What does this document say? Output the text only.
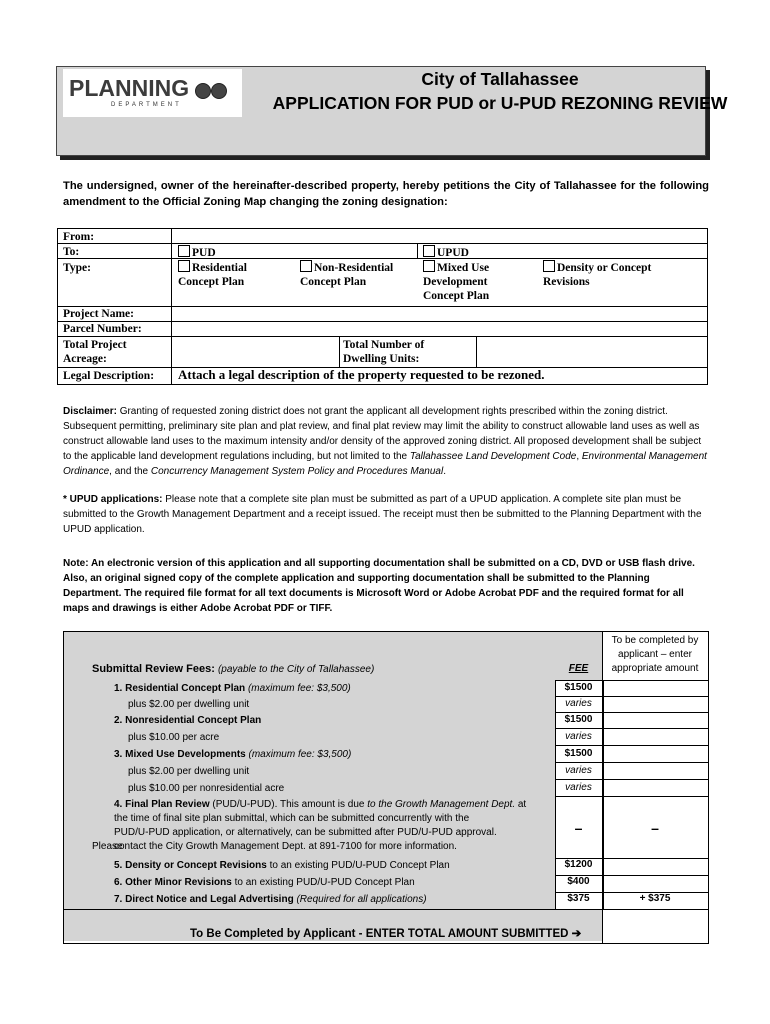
PLANNING
DEPARTMENT
City of Tallahassee
APPLICATION FOR PUD or U-PUD REZONING REVIEW
The undersigned, owner of the hereinafter-described property, hereby petitions the City of Tallahassee for the following amendment to the Official Zoning Map changing the zoning designation:
From:
To:	PUD	UPUD
Type:	Residential
Concept Plan
Non-Residential
Concept Plan
Mixed Use
Development
Concept Plan
Density or Concept
Revisions
Project Name:
Parcel Number:
Total Project
Acreage:
Total Number of
Dwelling Units:
Legal Description: Attach a legal description of the property requested to be rezoned.
Disclaimer: Granting of requested zoning district does not grant the applicant all development rights prescribed within the zoning district. Subsequent permitting, preliminary site plan and plat review, and final plat review may limit the ability to construct allowable land uses as well as construct allowable land uses to the maximum intensity and/or density of the approved zoning district. All proposed development shall be subject to the applicable land development regulations including, but not limited to the Tallahassee Land Development Code, Environmental Management Ordinance, and the Concurrency Management System Policy and Procedures Manual.
* UPUD applications: Please note that a complete site plan must be submitted as part of a UPUD application. A complete site plan must be submitted to the Growth Management Department and a receipt issued. The receipt must then be submitted to the Planning Department with the UPUD application.
Note: An electronic version of this application and all supporting documentation shall be submitted on a CD, DVD or USB flash drive. Also, an original signed copy of the complete application and supporting documentation shall be submitted to the Planning Department. The required file format for all text documents is Microsoft Word or Adobe Acrobat PDF and the required format for all maps and drawings is either Adobe Acrobat PDF or TIFF.
To be completed by applicant – enter appropriate amount
Submittal Review Fees: (payable to the City of Tallahassee)	FEE
1. Residential Concept Plan (maximum fee: $3,500)	$1500
plus $2.00 per dwelling unit	varies
2. Nonresidential Concept Plan	$1500
plus $10.00 per acre	varies
3. Mixed Use Developments (maximum fee: $3,500)	$1500
plus $2.00 per dwelling unit	varies
plus $10.00 per nonresidential acre	varies
4. Final Plan Review (PUD/U-PUD). This amount is due to the Growth Management Dept. at
the time of final site plan submittal, which can be submitted concurrently with the
PUD/U-PUD application, or alternatively, can be submitted after PUD/U-PUD approval.
contact the City Growth Management Dept. at 891-7100 for more information.
Please
–	–
5. Density or Concept Revisions to an existing PUD/U-PUD Concept Plan	$1200
6. Other Minor Revisions to an existing PUD/U-PUD Concept Plan	$400
7. Direct Notice and Legal Advertising (Required for all applications)	$375	+ $375
To Be Completed by Applicant - ENTER TOTAL AMOUNT SUBMITTED ➔
